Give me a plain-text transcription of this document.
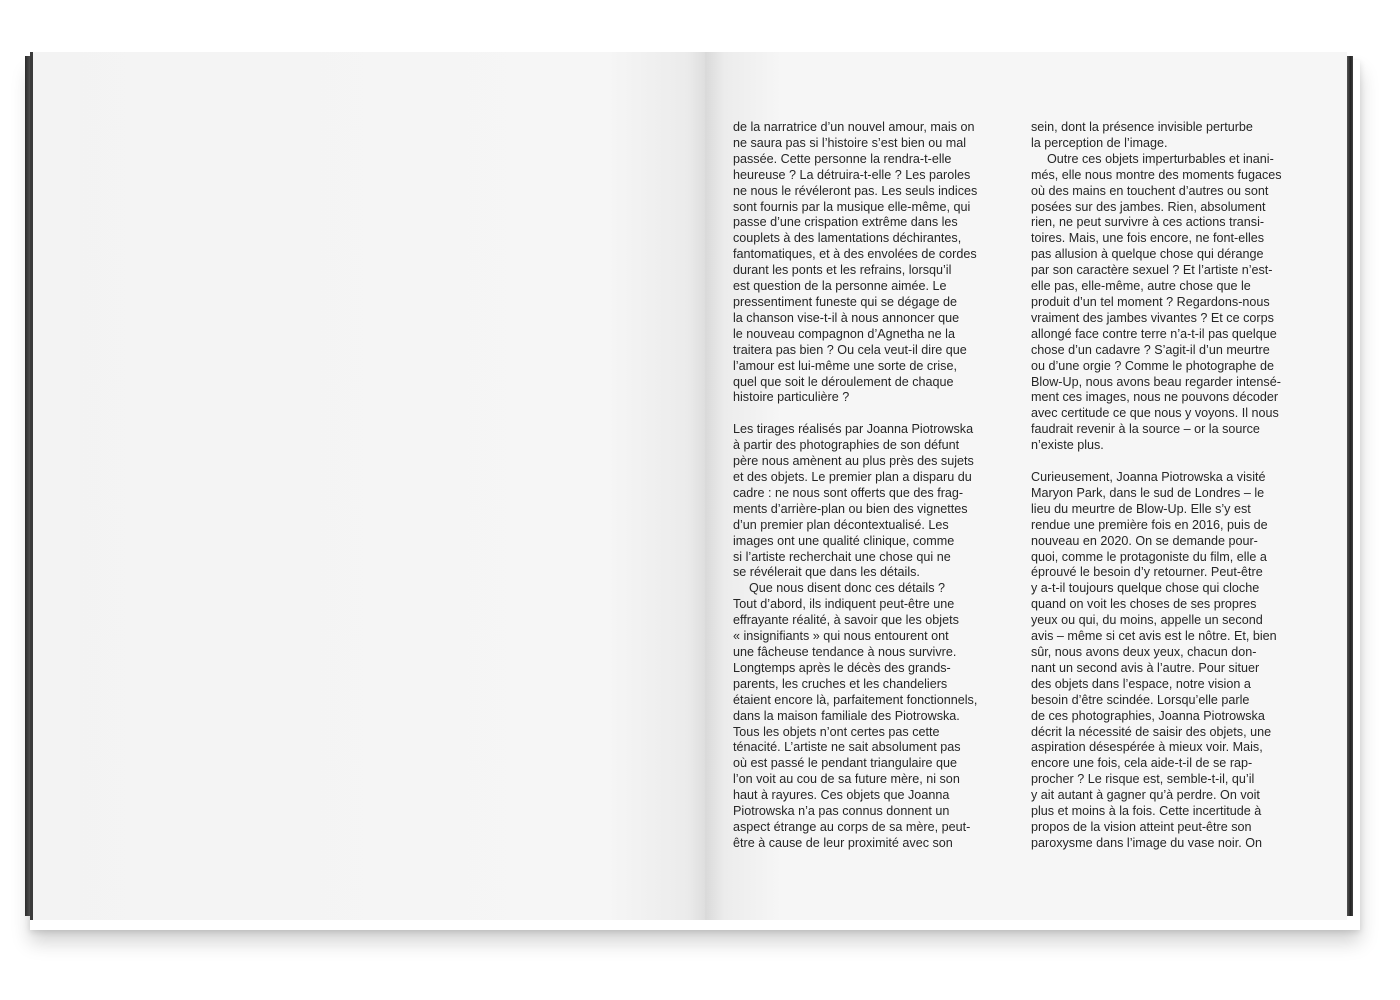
de la narratrice d’un nouvel amour, mais on
ne saura pas si l’histoire s’est bien ou mal
passée. Cette personne la rendra-t-elle
heureuse ? La détruira-t-elle ? Les paroles
ne nous le révéleront pas. Les seuls indices
sont fournis par la musique elle-même, qui
passe d’une crispation extrême dans les
couplets à des lamentations déchirantes,
fantomatiques, et à des envolées de cordes
durant les ponts et les refrains, lorsqu’il
est question de la personne aimée. Le
pressentiment funeste qui se dégage de
la chanson vise-t-il à nous annoncer que
le nouveau compagnon d’Agnetha ne la
traitera pas bien ? Ou cela veut-il dire que
l’amour est lui-même une sorte de crise,
quel que soit le déroulement de chaque
histoire particulière ?

Les tirages réalisés par Joanna Piotrowska
à partir des photographies de son défunt
père nous amènent au plus près des sujets
et des objets. Le premier plan a disparu du
cadre : ne nous sont offerts que des frag-
ments d’arrière-plan ou bien des vignettes
d’un premier plan décontextualisé. Les
images ont une qualité clinique, comme
si l’artiste recherchait une chose qui ne
se révélerait que dans les détails.

Que nous disent donc ces détails ?
Tout d’abord, ils indiquent peut-être une
effrayante réalité, à savoir que les objets
« insignifiants » qui nous entourent ont
une fâcheuse tendance à nous survivre.
Longtemps après le décès des grands-
parents, les cruches et les chandeliers
étaient encore là, parfaitement fonctionnels,
dans la maison familiale des Piotrowska.
Tous les objets n’ont certes pas cette
ténacité. L’artiste ne sait absolument pas
où est passé le pendant triangulaire que
l’on voit au cou de sa future mère, ni son
haut à rayures. Ces objets que Joanna
Piotrowska n’a pas connus donnent un
aspect étrange au corps de sa mère, peut-
être à cause de leur proximité avec son

sein, dont la présence invisible perturbe
la perception de l’image.

Outre ces objets imperturbables et inani-
més, elle nous montre des moments fugaces
où des mains en touchent d’autres ou sont
posées sur des jambes. Rien, absolument
rien, ne peut survivre à ces actions transi-
toires. Mais, une fois encore, ne font-elles
pas allusion à quelque chose qui dérange
par son caractère sexuel ? Et l’artiste n’est-
elle pas, elle-même, autre chose que le
produit d’un tel moment ? Regardons-nous
vraiment des jambes vivantes ? Et ce corps
allongé face contre terre n’a-t-il pas quelque
chose d’un cadavre ? S’agit-il d’un meurtre
ou d’une orgie ? Comme le photographe de
Blow-Up, nous avons beau regarder intensé-
ment ces images, nous ne pouvons décoder
avec certitude ce que nous y voyons. Il nous
faudrait revenir à la source – or la source
n’existe plus.

Curieusement, Joanna Piotrowska a visité
Maryon Park, dans le sud de Londres – le
lieu du meurtre de Blow-Up. Elle s’y est
rendue une première fois en 2016, puis de
nouveau en 2020. On se demande pour-
quoi, comme le protagoniste du film, elle a
éprouvé le besoin d’y retourner. Peut-être
y a-t-il toujours quelque chose qui cloche
quand on voit les choses de ses propres
yeux ou qui, du moins, appelle un second
avis – même si cet avis est le nôtre. Et, bien
sûr, nous avons deux yeux, chacun don-
nant un second avis à l’autre. Pour situer
des objets dans l’espace, notre vision a
besoin d’être scindée. Lorsqu’elle parle
de ces photographies, Joanna Piotrowska
décrit la nécessité de saisir des objets, une
aspiration désespérée à mieux voir. Mais,
encore une fois, cela aide-t-il de se rap-
procher ? Le risque est, semble-t-il, qu’il
y ait autant à gagner qu’à perdre. On voit
plus et moins à la fois. Cette incertitude à
propos de la vision atteint peut-être son
paroxysme dans l’image du vase noir. On
